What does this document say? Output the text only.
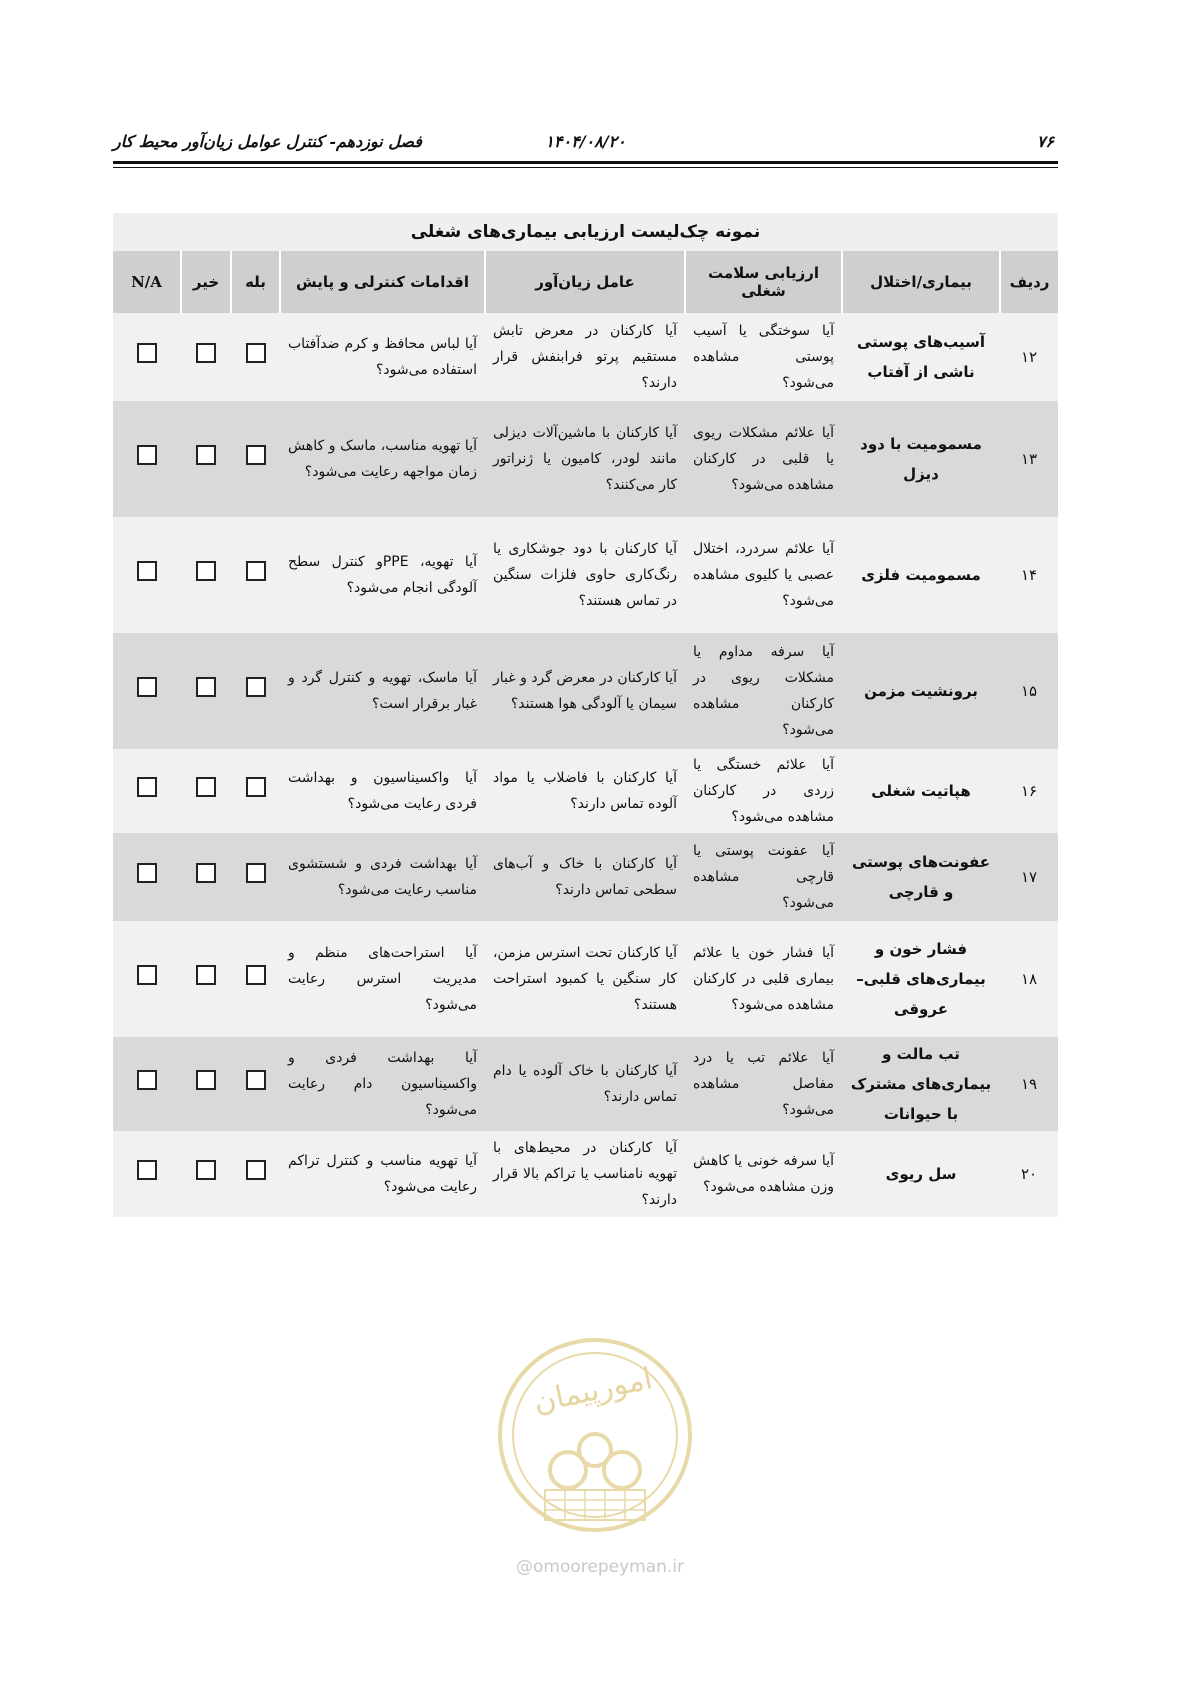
۷۶
۱۴۰۴/۰۸/۲۰
فصل نوزدهم- کنترل عوامل زیان‌آور محیط کار
نمونه چک‌لیست ارزیابی بیماری‌های شغلی
ردیف	بیماری/اختلال	ارزیابی سلامت شغلی	عامل زیان‌آور	اقدامات کنترلی و پایش	بله	خیر	N/A
۱۲	آسیب‌های پوستی ناشی از آفتاب	آیا سوختگی یا آسیب پوستی مشاهده می‌شود؟	آیا کارکنان در معرض تابش مستقیم پرتو فرابنفش قرار دارند؟	آیا لباس محافظ و کرم ضدآفتاب استفاده می‌شود؟			
۱۳	مسمومیت با دود دیزل	آیا علائم مشکلات ریوی یا قلبی در کارکنان مشاهده می‌شود؟	آیا کارکنان با ماشین‌آلات دیزلی مانند لودر، کامیون یا ژنراتور کار می‌کنند؟	آیا تهویه مناسب، ماسک و کاهش زمان مواجهه رعایت می‌شود؟			
۱۴	مسمومیت فلزی	آیا علائم سردرد، اختلال عصبی یا کلیوی مشاهده می‌شود؟	آیا کارکنان با دود جوشکاری یا رنگ‌کاری حاوی فلزات سنگین در تماس هستند؟	آیا تهویه، PPEو کنترل سطح آلودگی انجام می‌شود؟			
۱۵	برونشیت مزمن	آیا سرفه مداوم یا مشکلات ریوی در کارکنان مشاهده می‌شود؟	آیا کارکنان در معرض گرد و غبار سیمان یا آلودگی هوا هستند؟	آیا ماسک، تهویه و کنترل گرد و غبار برقرار است؟			
۱۶	هپاتیت شغلی	آیا علائم خستگی یا زردی در کارکنان مشاهده می‌شود؟	آیا کارکنان با فاضلاب یا مواد آلوده تماس دارند؟	آیا واکسیناسیون و بهداشت فردی رعایت می‌شود؟			
۱۷	عفونت‌های پوستی و قارچی	آیا عفونت پوستی یا قارچی مشاهده می‌شود؟	آیا کارکنان با خاک و آب‌های سطحی تماس دارند؟	آیا بهداشت فردی و شستشوی مناسب رعایت می‌شود؟			
۱۸	فشار خون و بیماری‌های قلبی–عروقی	آیا فشار خون یا علائم بیماری قلبی در کارکنان مشاهده می‌شود؟	آیا کارکنان تحت استرس مزمن، کار سنگین یا کمبود استراحت هستند؟	آیا استراحت‌های منظم و مدیریت استرس رعایت می‌شود؟			
۱۹	تب مالت و بیماری‌های مشترک با حیوانات	آیا علائم تب یا درد مفاصل مشاهده می‌شود؟	آیا کارکنان با خاک آلوده یا دام تماس دارند؟	آیا بهداشت فردی و واکسیناسیون دام رعایت می‌شود؟			
۲۰	سل ریوی	آیا سرفه خونی یا کاهش وزن مشاهده می‌شود؟	آیا کارکنان در محیط‌های با تهویه نامناسب یا تراکم بالا قرار دارند؟	آیا تهویه مناسب و کنترل تراکم رعایت می‌شود؟			
امورپیمان
@omoorepeyman.ir
